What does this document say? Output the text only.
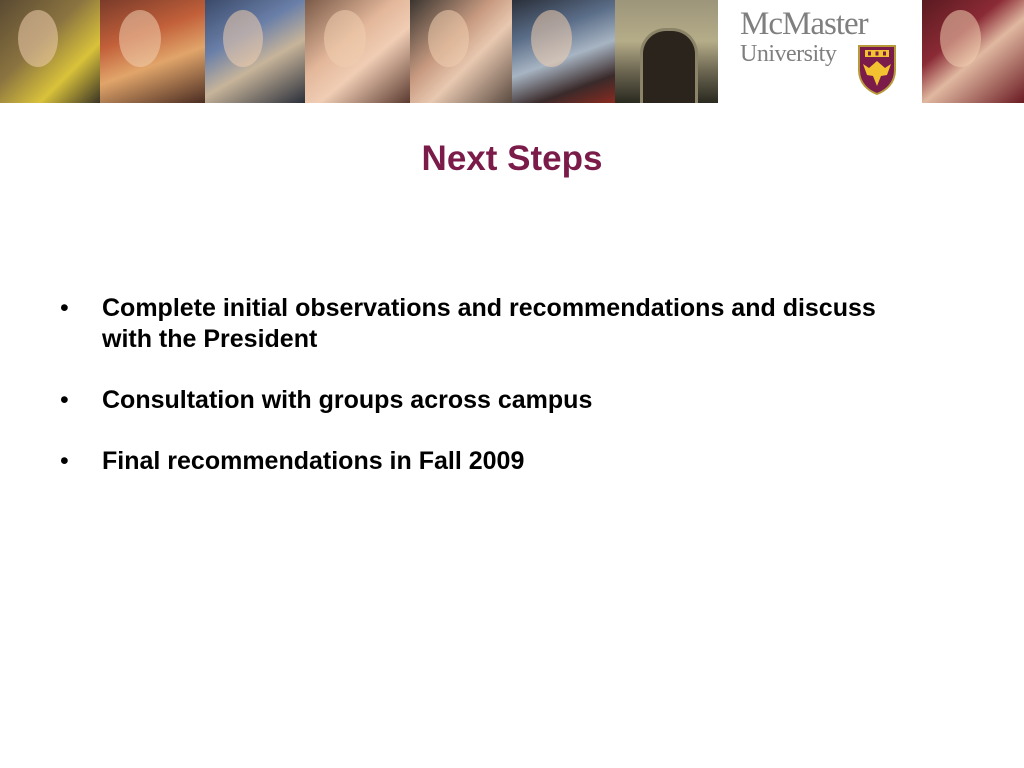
McMaster
University
Next Steps
• Complete initial observations and recommendations and discuss with the President
• Consultation with groups across campus
• Final recommendations in Fall 2009
